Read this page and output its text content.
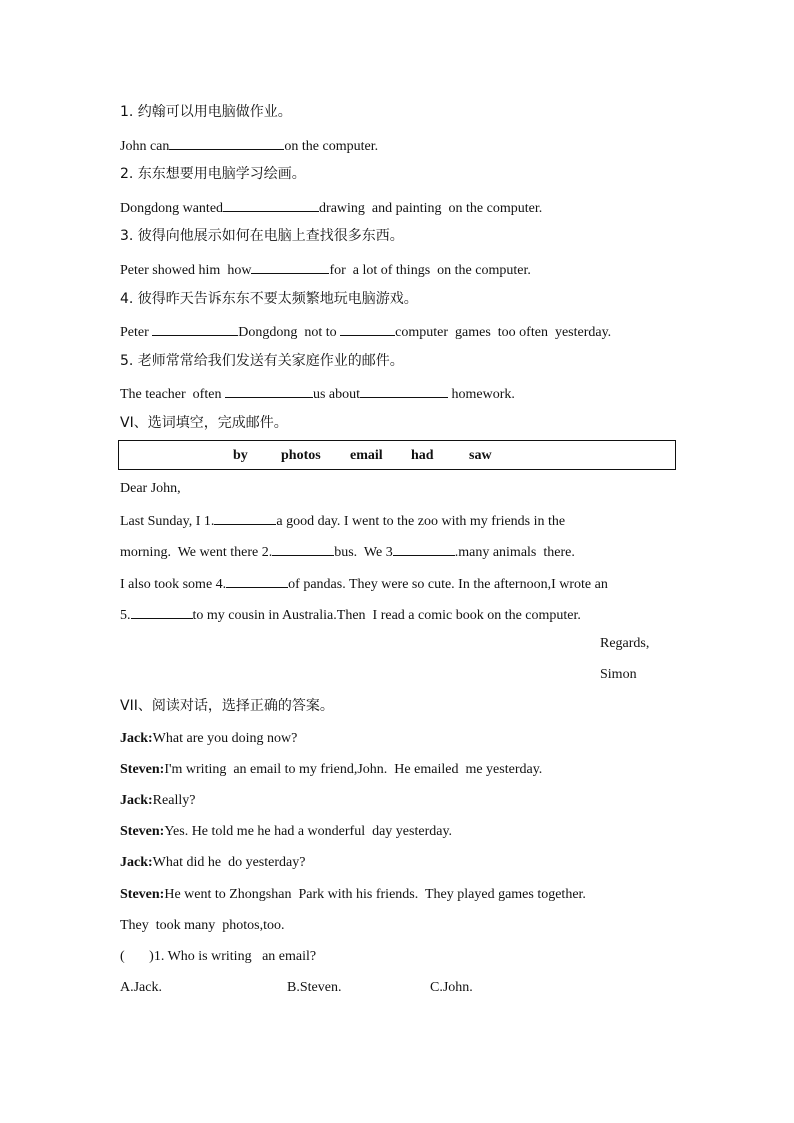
1. 约翰可以用电脑做作业。
John can	on the computer.
2. 东东想要用电脑学习绘画。
Dongdong wanted	drawing  and painting  on the computer.
3. 彼得向他展示如何在电脑上查找很多东西。
Peter showed him  how	for  a lot of things  on the computer.
4. 彼得昨天告诉东东不要太频繁地玩电脑游戏。
Peter	Dongdong  not to	computer  games  too often  yesterday.
5. 老师常常给我们发送有关家庭作业的邮件。
The teacher  often	us about	homework.
VI、选词填空，完成邮件。
by photos email had	saw
Dear John,
Last Sunday, I 1.	a good day. I went to the zoo with my friends in the
morning.  We went there 2.	bus.  We 3	.many animals  there.
I also took some 4.	of pandas. They were so cute. In the afternoon,I wrote an
5.	to my cousin in Australia.Then  I read a comic book on the computer.
Regards,
Simon
VII、阅读对话，选择正确的答案。
Jack:What are you doing now?
Steven:I'm writing  an email to my friend,John.  He emailed  me yesterday.
Jack:Really?
Steven:Yes. He told me he had a wonderful  day yesterday.
Jack:What did he  do yesterday?
Steven:He went to Zhongshan  Park with his friends.  They played games together.
They  took many  photos,too.
(       )1. Who is writing   an email?
A.Jack.	B.Steven.	C.John.
